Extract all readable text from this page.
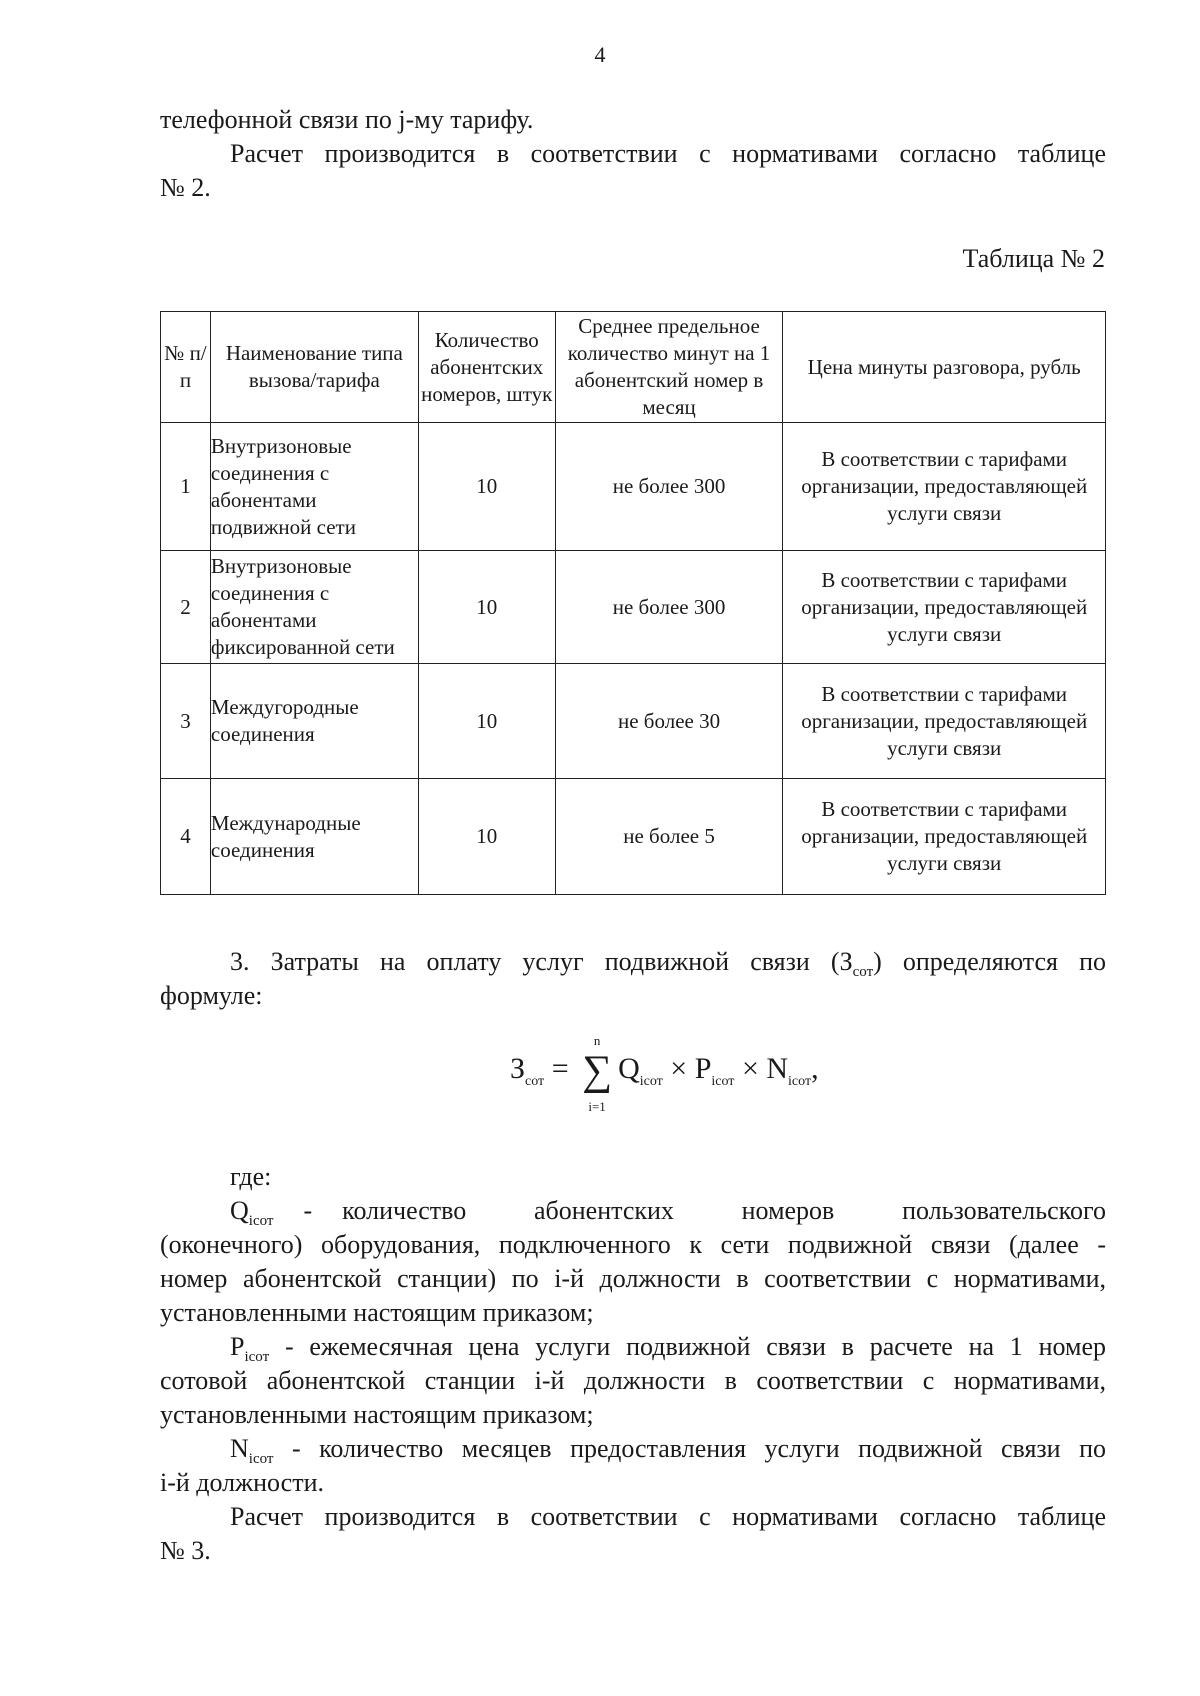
4

телефонной связи по j-му тарифу.

Расчет производится в соответствии с нормативами согласно таблице

№ 2.

Таблица № 2
№ п/п	Наименование типа вызова/тарифа	Количество абонентских номеров, штук	Среднее предельное количество минут на 1 абонентский номер в месяц	Цена минуты разговора, рубль
1	Внутризоновые соединения с абонентами подвижной сети	10	не более 300	В соответствии с тарифами организации, предоставляющей услуги связи
2	Внутризоновые соединения с абонентами фиксированной сети	10	не более 300	В соответствии с тарифами организации, предоставляющей услуги связи
3	Междугородные соединения	10	не более 30	В соответствии с тарифами организации, предоставляющей услуги связи
4	Международные соединения	10	не более 5	В соответствии с тарифами организации, предоставляющей услуги связи

3. Затраты на оплату услуг подвижной связи $(З_{сот})$ определяются по

формуле:

$З_{сот}$ = ∑
n
i=1
$Q_{iсот} \times P_{iсот} \times N_{iсот}$,

где:

$Q_{iсот}$ - количество абонентских номеров пользовательского

(оконечного) оборудования, подключенного к сети подвижной связи (далее -

номер абонентской станции) по i-й должности в соответствии с нормативами,

установленными настоящим приказом;

$P_{iсот}$ - ежемесячная цена услуги подвижной связи в расчете на 1 номер

сотовой абонентской станции i-й должности в соответствии с нормативами,

установленными настоящим приказом;

$N_{iсот}$ - количество месяцев предоставления услуги подвижной связи по

i-й должности.

Расчет производится в соответствии с нормативами согласно таблице

№ 3.
